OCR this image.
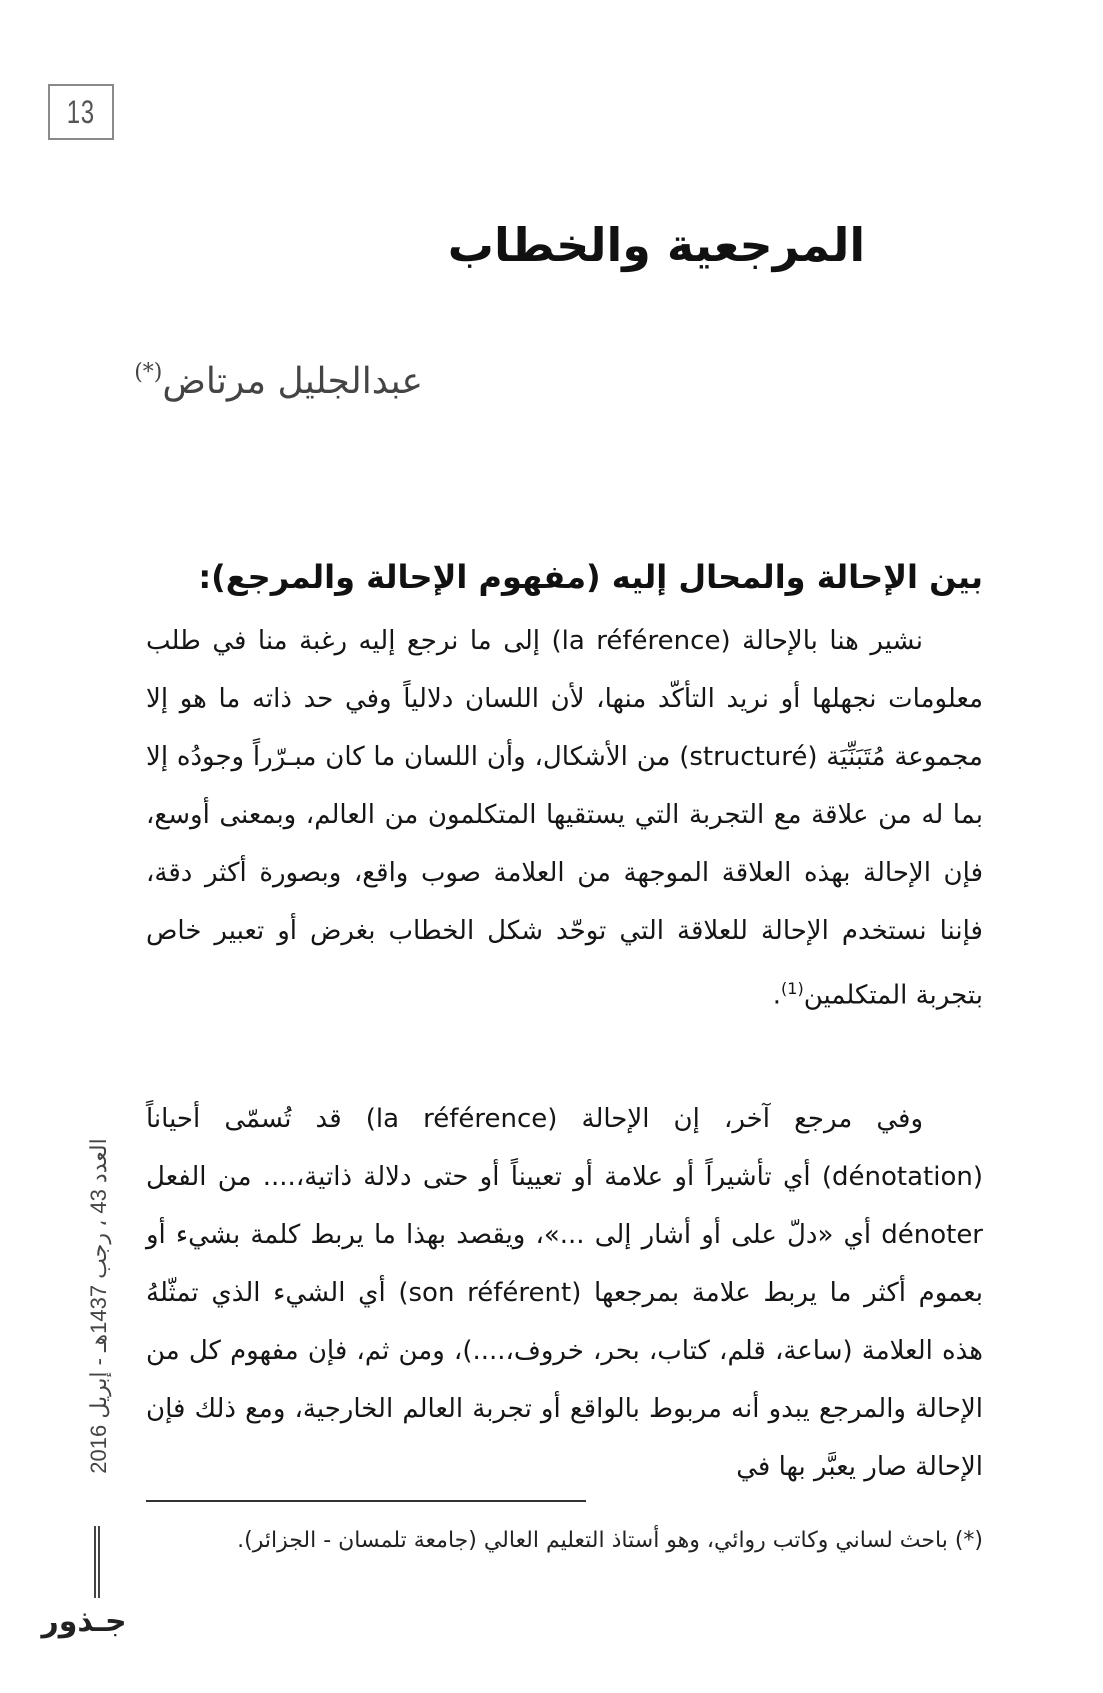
13
المرجعية والخطاب
عبدالجليل مرتاض(*)
بين الإحالة والمحال إليه (مفهوم الإحالة والمرجع):
نشير هنا بالإحالة (la référence) إلى ما نرجع إليه رغبة منا في طلب معلومات نجهلها أو نريد التأكّد منها، لأن اللسان دلالياً وفي حد ذاته ما هو إلا مجموعة مُتَبَنِّيَة (structuré) من الأشكال، وأن اللسان ما كان مبـرّراً وجودُه إلا بما له من علاقة مع التجربة التي يستقيها المتكلمون من العالم، وبمعنى أوسع، فإن الإحالة بهذه العلاقة الموجهة من العلامة صوب واقع، وبصورة أكثر دقة، فإننا نستخدم الإحالة للعلاقة التي توحّد شكل الخطاب بغرض أو تعبير خاص بتجربة المتكلمين$^{(1)}$.
وفي مرجع آخر، إن الإحالة (la référence) قد تُسمّى أحياناً (dénotation) أي تأشيراً أو علامة أو تعييناً أو حتى دلالة ذاتية،.... من الفعل dénoter أي «دلّ على أو أشار إلى ...»، ويقصد بهذا ما يربط كلمة بشيء أو بعموم أكثر ما يربط علامة بمرجعها (son référent) أي الشيء الذي تمثّلهُ هذه العلامة (ساعة، قلم، كتاب، بحر، خروف،....)، ومن ثم، فإن مفهوم كل من الإحالة والمرجع يبدو أنه مربوط بالواقع أو تجربة العالم الخارجية، ومع ذلك فإن الإحالة صار يعبَّر بها في
(*) باحث لساني وكاتب روائي، وهو أستاذ التعليم العالي (جامعة تلمسان - الجزائر).
العدد 43 ، رجب 1437هـ - إبريل 2016
جـذور
